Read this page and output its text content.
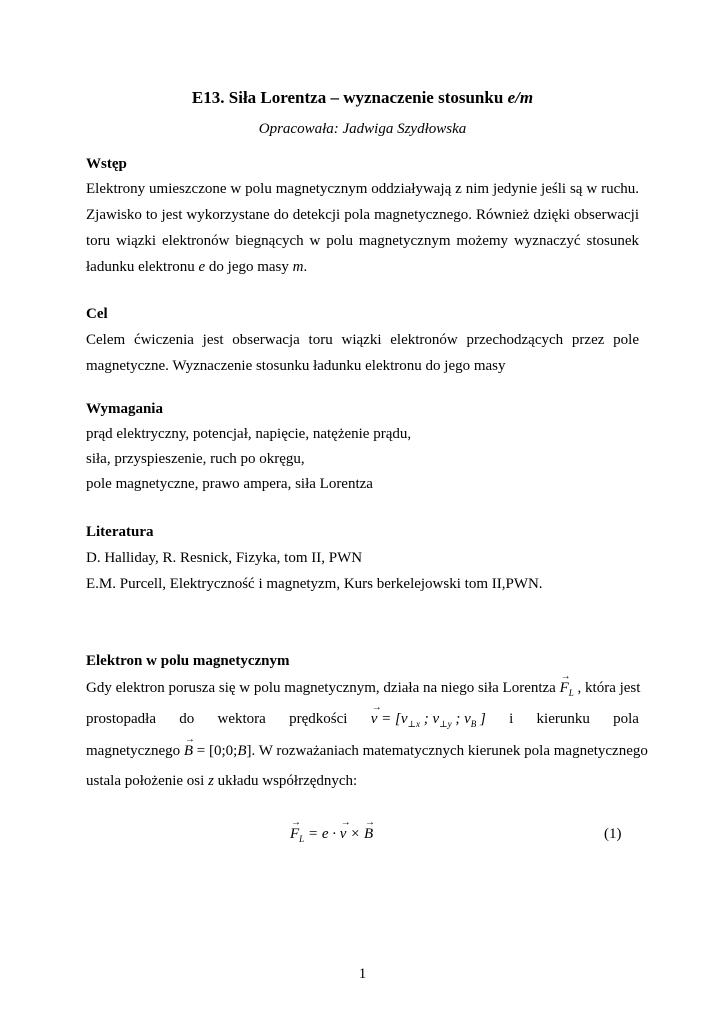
E13. Siła Lorentza – wyznaczenie stosunku e/m
Opracowała: Jadwiga Szydłowska
Wstęp
Elektrony umieszczone w polu magnetycznym oddziaływają z nim jedynie jeśli są w ruchu.
Zjawisko to jest wykorzystane do detekcji pola magnetycznego. Również dzięki obserwacji
toru wiązki elektronów biegnących w polu magnetycznym możemy wyznaczyć stosunek
ładunku elektronu e do jego masy m.
Cel
Celem ćwiczenia jest obserwacja toru wiązki elektronów przechodzących przez pole
magnetyczne. Wyznaczenie stosunku ładunku elektronu do jego masy
Wymagania
prąd elektryczny, potencjał, napięcie, natężenie prądu,
siła, przyspieszenie, ruch po okręgu,
pole magnetyczne, prawo ampera, siła Lorentza
Literatura
D. Halliday, R. Resnick, Fizyka, tom II, PWN
E.M. Purcell, Elektryczność i magnetyzm, Kurs berkelejowski tom II,PWN.
Elektron w polu magnetycznym
Gdy elektron porusza się w polu magnetycznym, działa na niego siła Lorentza → $F_L$ , która jest
prostopadła do wektora prędkości → $v = [v_{\perp x}$ ; $v_{\perp y}$ ; $v_B$ ] i kierunku pola
magnetycznego → B = [0;0;B]. W rozważaniach matematycznych kierunek pola magnetycznego
ustala położenie osi z układu współrzędnych:
→ $F_L = e$ · → v × → B	(1)
1
